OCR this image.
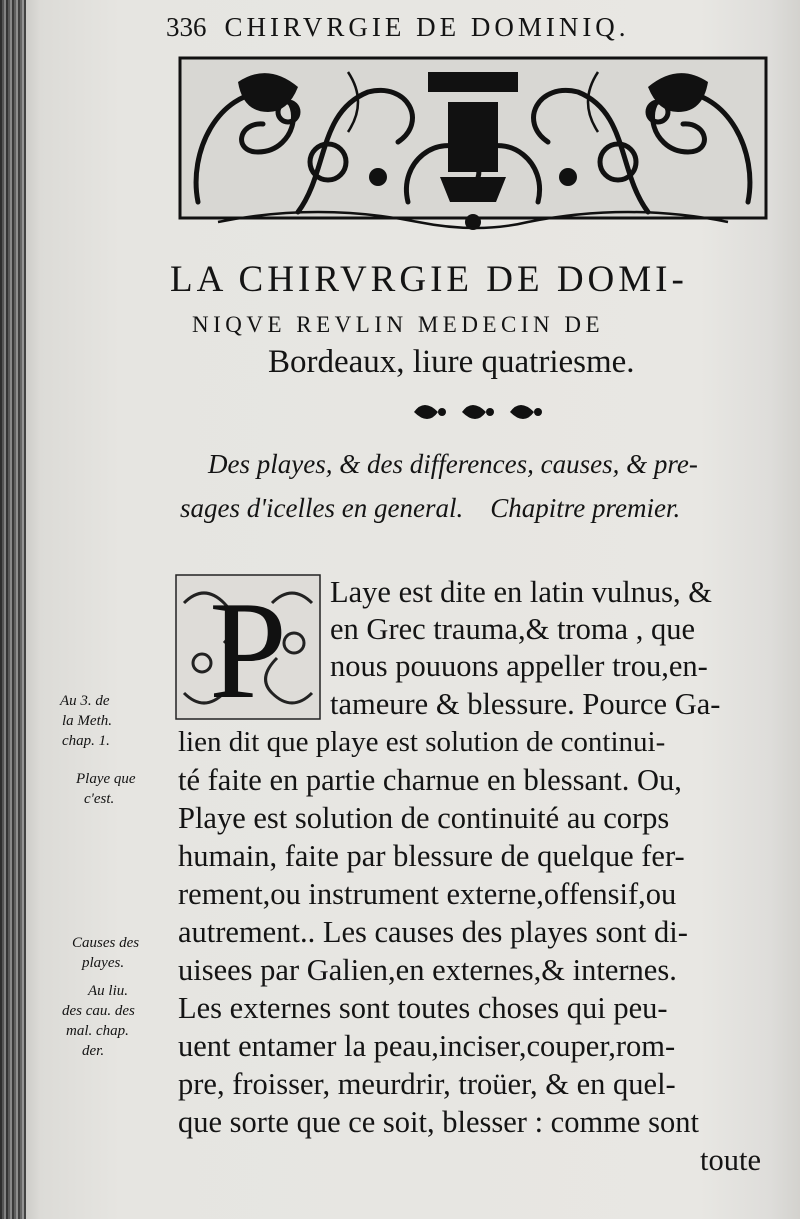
336 CHIRVRGIE DE DOMINIQ.
LA CHIRVRGIE DE DOMI-
NIQVE REVLIN MEDECIN DE
Bordeaux, liure quatriesme.
Des playes, & des differences, causes, & pre-
sages d'icelles en general. Chapitre premier.
P Laye est dite en latin vulnus, &
en Grec trauma,& troma , que
nous pouuons appeller trou,en-
tameure & blessure. Pource Ga-
lien dit que playe est solution de continui-
té faite en partie charnue en blessant. Ou,
Playe est solution de continuité au corps
humain, faite par blessure de quelque fer-
rement,ou instrument externe,offensif,ou
autrement.. Les causes des playes sont di-
uisees par Galien,en externes,& internes.
Les externes sont toutes choses qui peu-
uent entamer la peau,inciser,couper,rom-
pre, froisser, meurdrir, troüer, & en quel-
que sorte que ce soit, blesser : comme sont
toute
Au 3. de
la Meth.
chap. 1.
Playe que
c'est.
Causes des
playes.
Au liu.
des cau. des
mal. chap.
der.
